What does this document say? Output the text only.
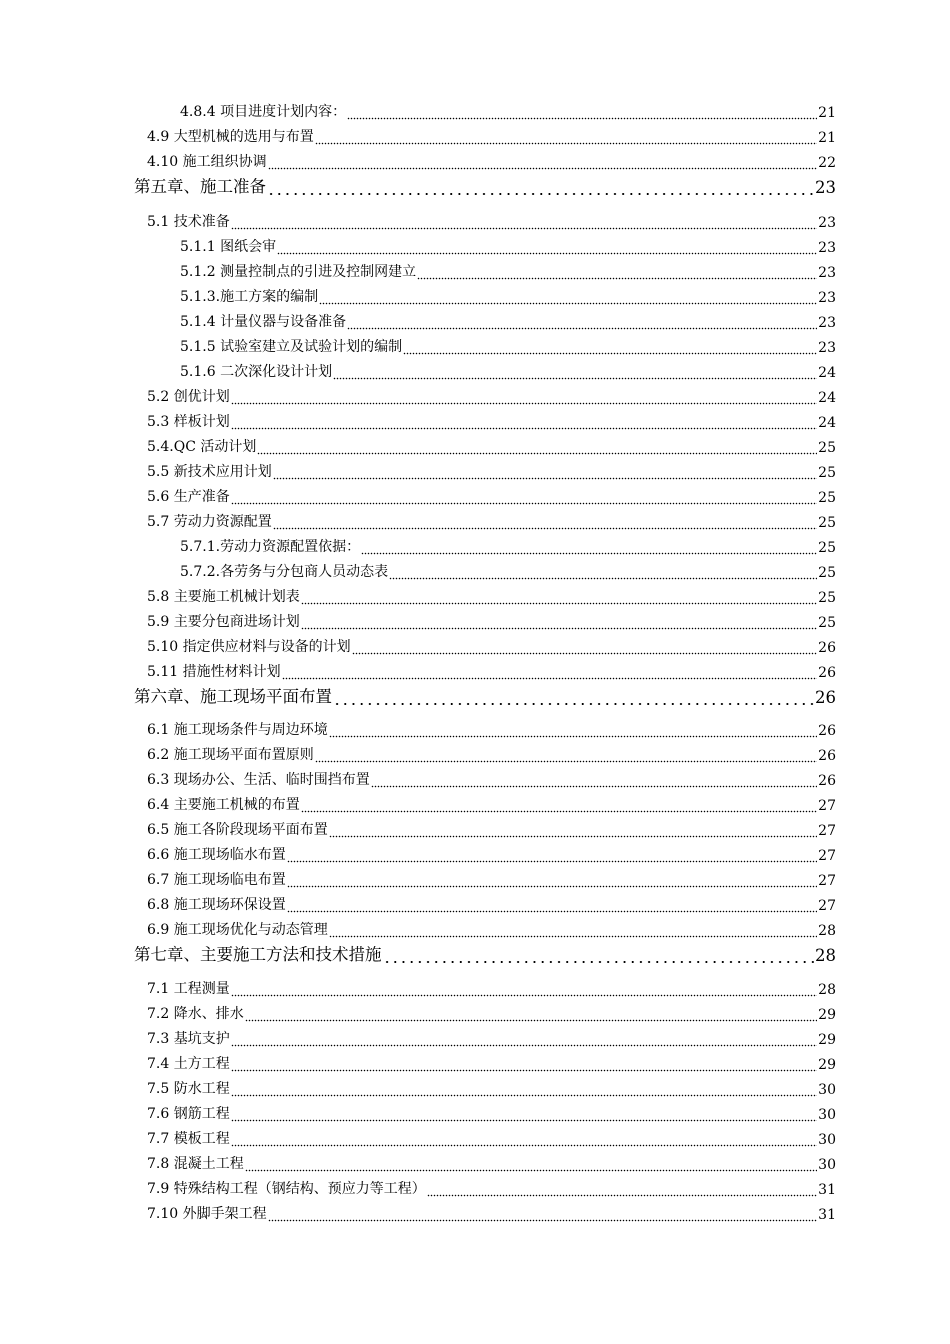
4.8.4 项目进度计划内容：	21
4.9 大型机械的选用与布置	21
4.10 施工组织协调	22
第五章、施工准备	23
5.1 技术准备	23
5.1.1 图纸会审	23
5.1.2 测量控制点的引进及控制网建立	23
5.1.3.施工方案的编制	23
5.1.4 计量仪器与设备准备	23
5.1.5 试验室建立及试验计划的编制	23
5.1.6 二次深化设计计划	24
5.2 创优计划	24
5.3 样板计划	24
5.4.QC 活动计划	25
5.5 新技术应用计划	25
5.6 生产准备	25
5.7 劳动力资源配置	25
5.7.1.劳动力资源配置依据：	25
5.7.2.各劳务与分包商人员动态表	25
5.8 主要施工机械计划表	25
5.9 主要分包商进场计划	25
5.10 指定供应材料与设备的计划	26
5.11 措施性材料计划	26
第六章、施工现场平面布置	26
6.1 施工现场条件与周边环境	26
6.2 施工现场平面布置原则	26
6.3 现场办公、生活、临时围挡布置	26
6.4 主要施工机械的布置	27
6.5 施工各阶段现场平面布置	27
6.6 施工现场临水布置	27
6.7 施工现场临电布置	27
6.8 施工现场环保设置	27
6.9 施工现场优化与动态管理	28
第七章、主要施工方法和技术措施	28
7.1 工程测量	28
7.2 降水、排水	29
7.3 基坑支护	29
7.4 土方工程	29
7.5 防水工程	30
7.6 钢筋工程	30
7.7 模板工程	30
7.8 混凝土工程	30
7.9 特殊结构工程（钢结构、预应力等工程）	31
7.10 外脚手架工程	31
